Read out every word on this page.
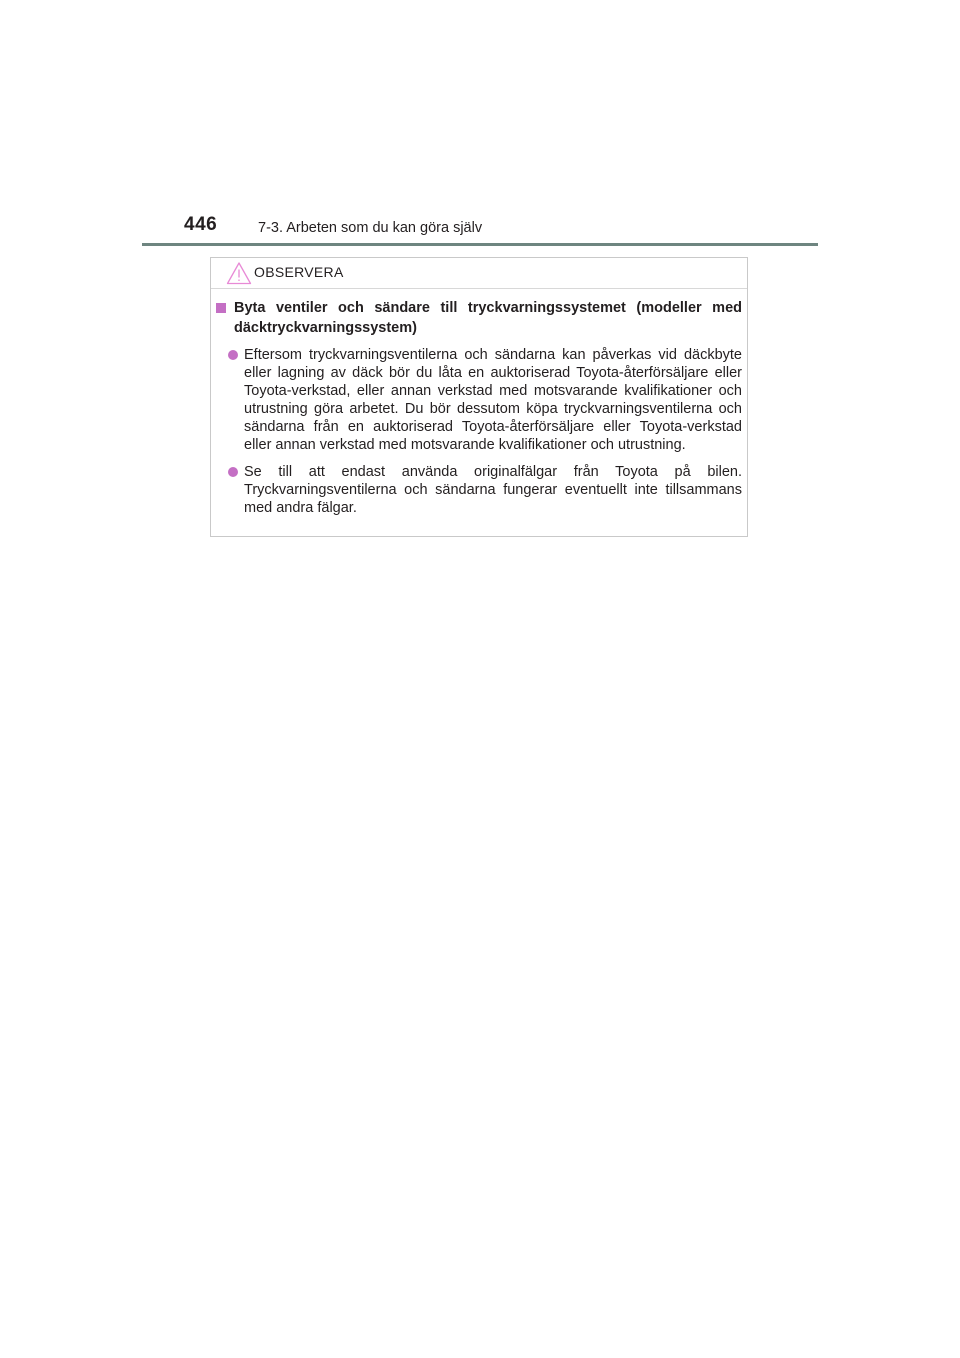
446	7-3. Arbeten som du kan göra själv
OBSERVERA
Byta ventiler och sändare till tryckvarningssystemet (modeller med däcktryckvarningssystem)
Eftersom tryckvarningsventilerna och sändarna kan påverkas vid däckbyte eller lagning av däck bör du låta en auktoriserad Toyota-återförsäljare eller Toyota-verkstad, eller annan verkstad med motsvarande kvalifikationer och utrustning göra arbetet. Du bör dessutom köpa tryckvarningsventilerna och sändarna från en auktoriserad Toyota-återförsäljare eller Toyota-verkstad eller annan verkstad med motsvarande kvalifikationer och utrustning.
Se till att endast använda originalfälgar från Toyota på bilen. Tryckvarningsventilerna och sändarna fungerar eventuellt inte tillsammans med andra fälgar.
